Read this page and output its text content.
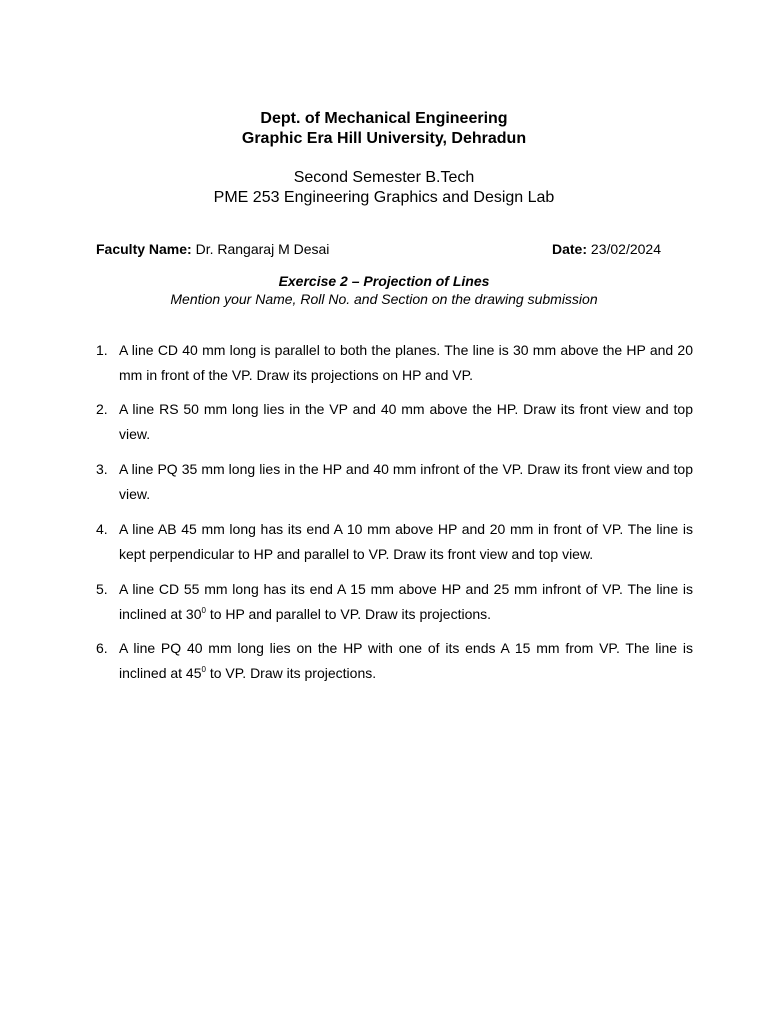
Dept. of Mechanical Engineering
Graphic Era Hill University, Dehradun
Second Semester B.Tech
PME 253 Engineering Graphics and Design Lab
Faculty Name: Dr. Rangaraj M Desai	Date: 23/02/2024
Exercise 2 – Projection of Lines
Mention your Name, Roll No. and Section on the drawing submission
1. A line CD 40 mm long is parallel to both the planes. The line is 30 mm above the HP and 20 mm in front of the VP. Draw its projections on HP and VP.
2. A line RS 50 mm long lies in the VP and 40 mm above the HP. Draw its front view and top view.
3. A line PQ 35 mm long lies in the HP and 40 mm infront of the VP. Draw its front view and top view.
4. A line AB 45 mm long has its end A 10 mm above HP and 20 mm in front of VP. The line is kept perpendicular to HP and parallel to VP. Draw its front view and top view.
5. A line CD 55 mm long has its end A 15 mm above HP and 25 mm infront of VP. The line is inclined at $30^0$ to HP and parallel to VP. Draw its projections.
6. A line PQ 40 mm long lies on the HP with one of its ends A 15 mm from VP. The line is inclined at $45^0$ to VP. Draw its projections.
